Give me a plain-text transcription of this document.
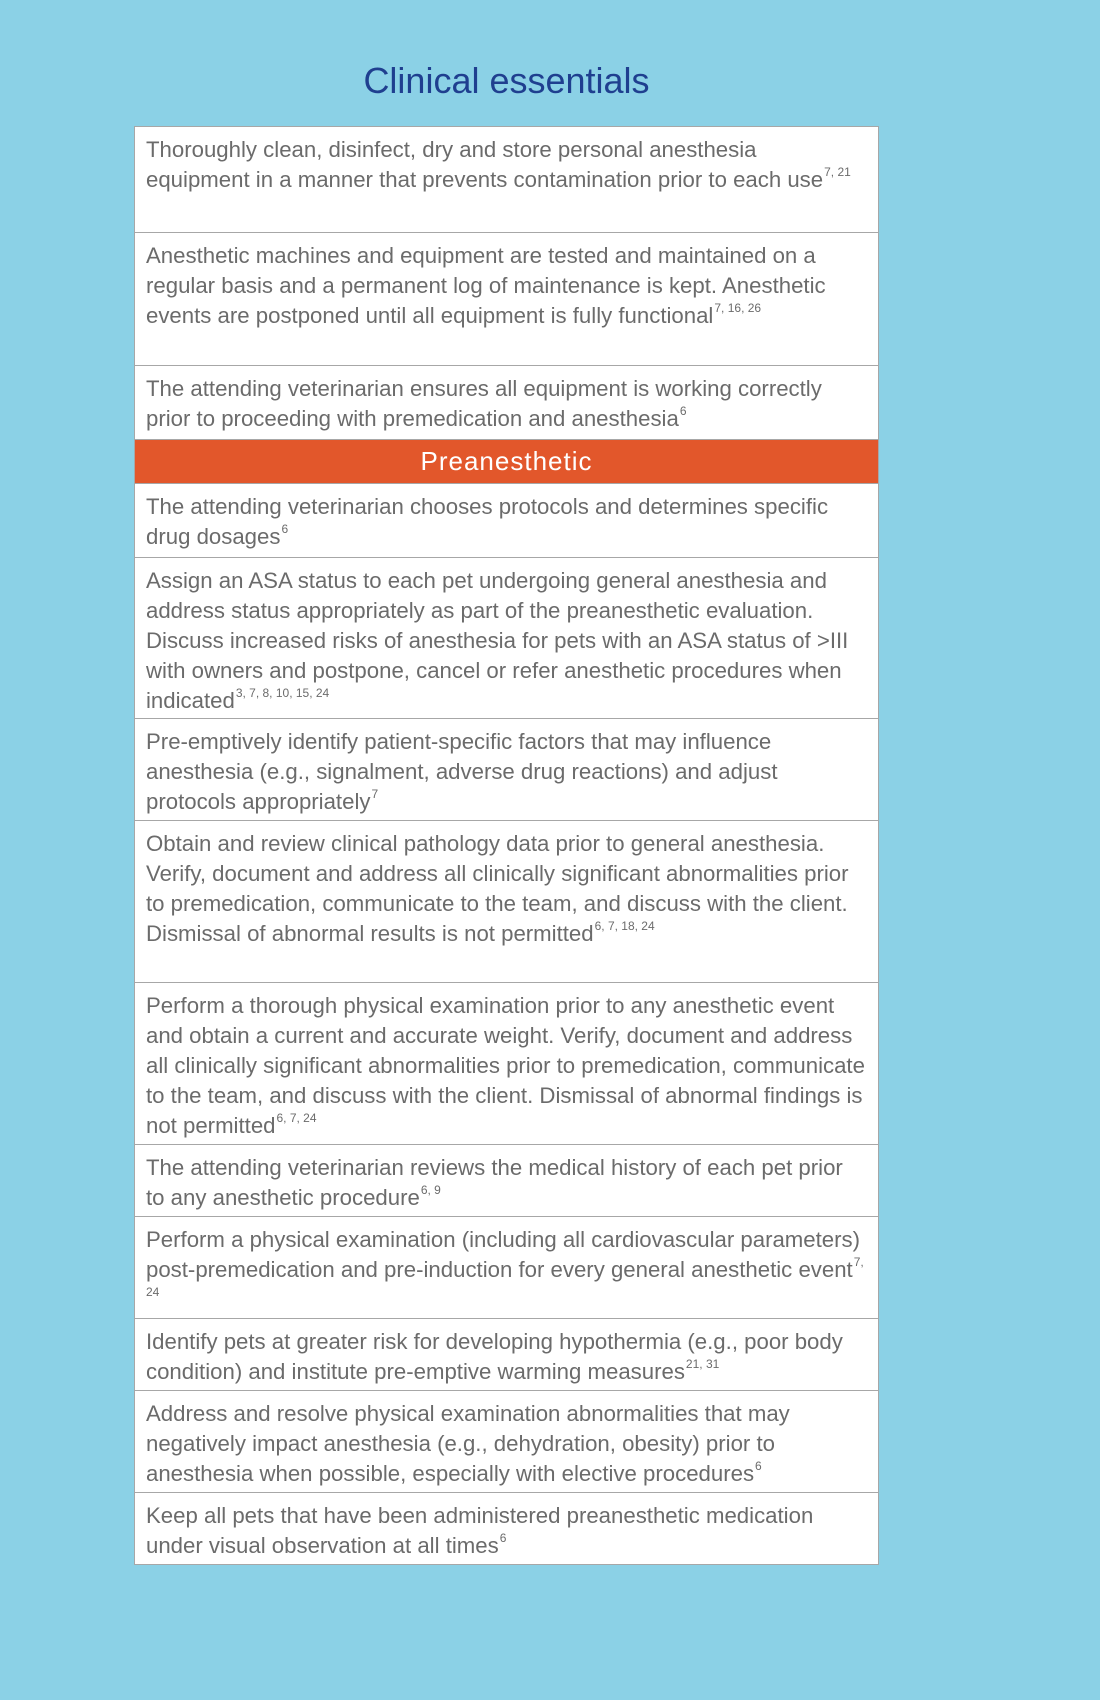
Clinical essentials
Thoroughly clean, disinfect, dry and store personal anesthesia equipment in a manner that prevents contamination prior to each use$^{7, 21}$
Anesthetic machines and equipment are tested and maintained on a regular basis and a permanent log of maintenance is kept. Anesthetic events are postponed until all equipment is fully functional$^{7, 16, 26}$
The attending veterinarian ensures all equipment is working correctly prior to proceeding with premedication and anesthesia$^6$
Preanesthetic
The attending veterinarian chooses protocols and determines specific drug dosages$^6$
Assign an ASA status to each pet undergoing general anesthesia and address status appropriately as part of the preanesthetic evaluation. Discuss increased risks of anesthesia for pets with an ASA status of >III with owners and postpone, cancel or refer anesthetic procedures when indicated$^{3, 7, 8, 10, 15, 24}$
Pre-emptively identify patient-specific factors that may influence anesthesia (e.g., signalment, adverse drug reactions) and adjust protocols appropriately$^7$
Obtain and review clinical pathology data prior to general anesthesia. Verify, document and address all clinically significant abnormalities prior to premedication, communicate to the team, and discuss with the client. Dismissal of abnormal results is not permitted$^{6, 7, 18, 24}$
Perform a thorough physical examination prior to any anesthetic event and obtain a current and accurate weight. Verify, document and address all clinically significant abnormalities prior to premedication, communicate to the team, and discuss with the client. Dismissal of abnormal findings is not permitted$^{6, 7, 24}$
The attending veterinarian reviews the medical history of each pet prior to any anesthetic procedure$^{6, 9}$
Perform a physical examination (including all cardiovascular parameters) post-premedication and pre-induction for every general anesthetic event$^{7, 24}$
Identify pets at greater risk for developing hypothermia (e.g., poor body condition) and institute pre-emptive warming measures$^{21, 31}$
Address and resolve physical examination abnormalities that may negatively impact anesthesia (e.g., dehydration, obesity) prior to anesthesia when possible, especially with elective procedures$^6$
Keep all pets that have been administered preanesthetic medication under visual observation at all times$^6$
